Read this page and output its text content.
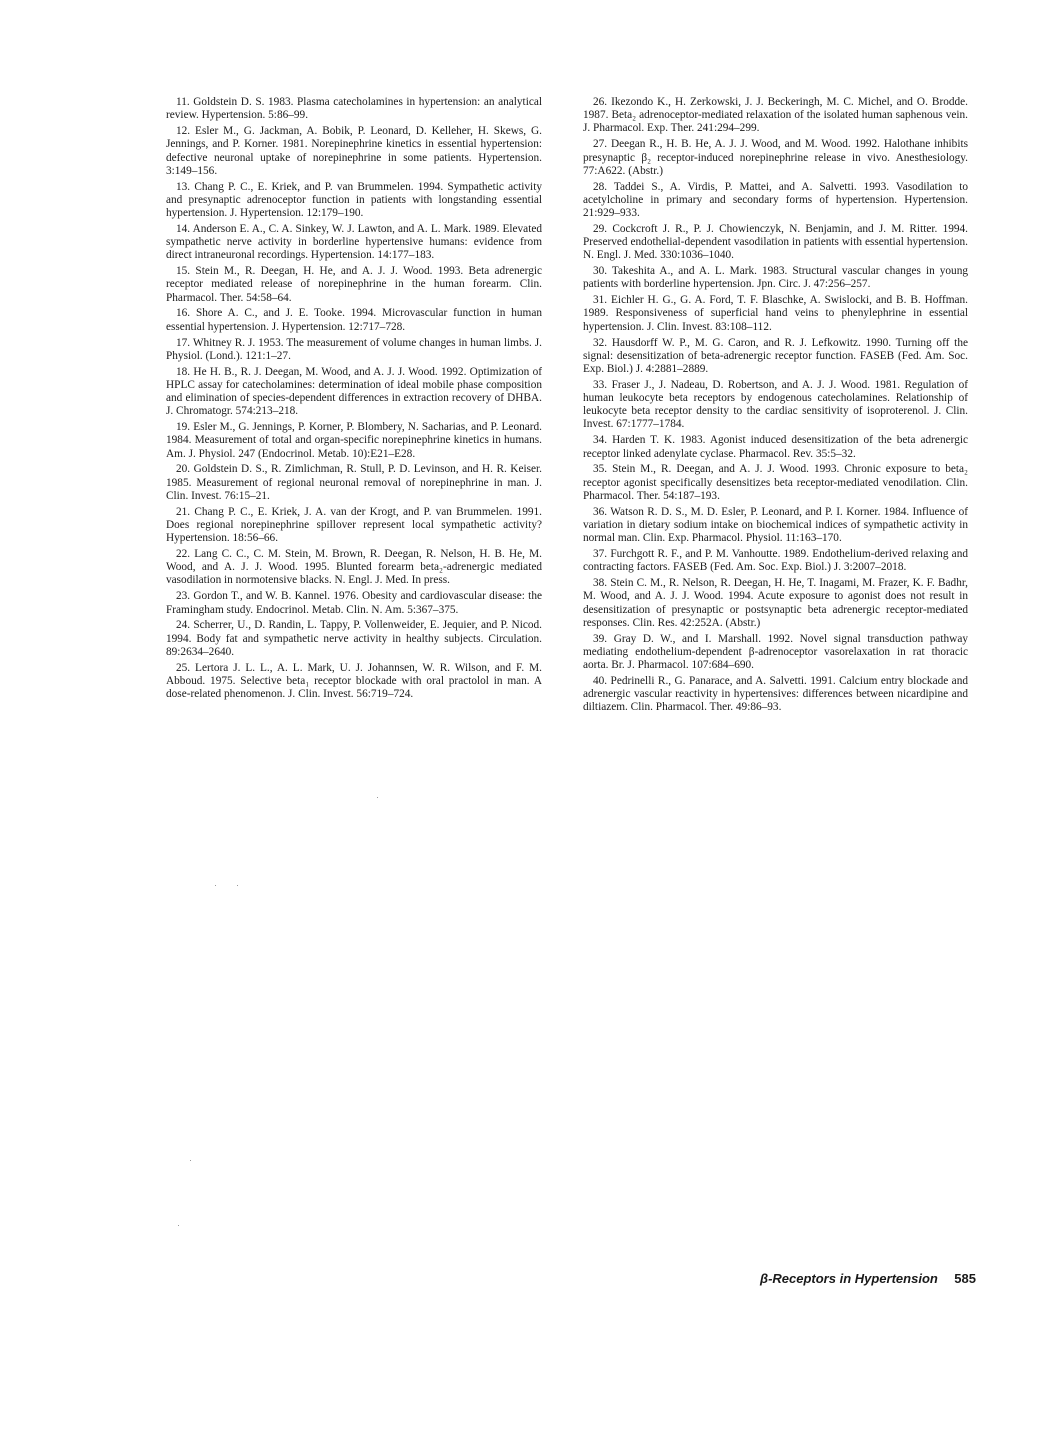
11. Goldstein D. S. 1983. Plasma catecholamines in hypertension: an analytical review. Hypertension. 5:86–99.

12. Esler M., G. Jackman, A. Bobik, P. Leonard, D. Kelleher, H. Skews, G. Jennings, and P. Korner. 1981. Norepinephrine kinetics in essential hypertension: defective neuronal uptake of norepinephrine in some patients. Hypertension. 3:149–156.

13. Chang P. C., E. Kriek, and P. van Brummelen. 1994. Sympathetic activity and presynaptic adrenoceptor function in patients with longstanding essential hypertension. J. Hypertension. 12:179–190.

14. Anderson E. A., C. A. Sinkey, W. J. Lawton, and A. L. Mark. 1989. Elevated sympathetic nerve activity in borderline hypertensive humans: evidence from direct intraneuronal recordings. Hypertension. 14:177–183.

15. Stein M., R. Deegan, H. He, and A. J. J. Wood. 1993. Beta adrenergic receptor mediated release of norepinephrine in the human forearm. Clin. Pharmacol. Ther. 54:58–64.

16. Shore A. C., and J. E. Tooke. 1994. Microvascular function in human essential hypertension. J. Hypertension. 12:717–728.

17. Whitney R. J. 1953. The measurement of volume changes in human limbs. J. Physiol. (Lond.). 121:1–27.

18. He H. B., R. J. Deegan, M. Wood, and A. J. J. Wood. 1992. Optimization of HPLC assay for catecholamines: determination of ideal mobile phase composition and elimination of species-dependent differences in extraction recovery of DHBA. J. Chromatogr. 574:213–218.

19. Esler M., G. Jennings, P. Korner, P. Blombery, N. Sacharias, and P. Leonard. 1984. Measurement of total and organ-specific norepinephrine kinetics in humans. Am. J. Physiol. 247 (Endocrinol. Metab. 10):E21–E28.

20. Goldstein D. S., R. Zimlichman, R. Stull, P. D. Levinson, and H. R. Keiser. 1985. Measurement of regional neuronal removal of norepinephrine in man. J. Clin. Invest. 76:15–21.

21. Chang P. C., E. Kriek, J. A. van der Krogt, and P. van Brummelen. 1991. Does regional norepinephrine spillover represent local sympathetic activity? Hypertension. 18:56–66.

22. Lang C. C., C. M. Stein, M. Brown, R. Deegan, R. Nelson, H. B. He, M. Wood, and A. J. J. Wood. 1995. Blunted forearm beta₂-adrenergic mediated vasodilation in normotensive blacks. N. Engl. J. Med. In press.

23. Gordon T., and W. B. Kannel. 1976. Obesity and cardiovascular disease: the Framingham study. Endocrinol. Metab. Clin. N. Am. 5:367–375.

24. Scherrer, U., D. Randin, L. Tappy, P. Vollenweider, E. Jequier, and P. Nicod. 1994. Body fat and sympathetic nerve activity in healthy subjects. Circulation. 89:2634–2640.

25. Lertora J. L. L., A. L. Mark, U. J. Johannsen, W. R. Wilson, and F. M. Abboud. 1975. Selective beta₁ receptor blockade with oral practolol in man. A dose-related phenomenon. J. Clin. Invest. 56:719–724.

26. Ikezondo K., H. Zerkowski, J. J. Beckeringh, M. C. Michel, and O. Brodde. 1987. Beta₂ adrenoceptor-mediated relaxation of the isolated human saphenous vein. J. Pharmacol. Exp. Ther. 241:294–299.

27. Deegan R., H. B. He, A. J. J. Wood, and M. Wood. 1992. Halothane inhibits presynaptic β₂ receptor-induced norepinephrine release in vivo. Anesthesiology. 77:A622. (Abstr.)

28. Taddei S., A. Virdis, P. Mattei, and A. Salvetti. 1993. Vasodilation to acetylcholine in primary and secondary forms of hypertension. Hypertension. 21:929–933.

29. Cockcroft J. R., P. J. Chowienczyk, N. Benjamin, and J. M. Ritter. 1994. Preserved endothelial-dependent vasodilation in patients with essential hypertension. N. Engl. J. Med. 330:1036–1040.

30. Takeshita A., and A. L. Mark. 1983. Structural vascular changes in young patients with borderline hypertension. Jpn. Circ. J. 47:256–257.

31. Eichler H. G., G. A. Ford, T. F. Blaschke, A. Swislocki, and B. B. Hoffman. 1989. Responsiveness of superficial hand veins to phenylephrine in essential hypertension. J. Clin. Invest. 83:108–112.

32. Hausdorff W. P., M. G. Caron, and R. J. Lefkowitz. 1990. Turning off the signal: desensitization of beta-adrenergic receptor function. FASEB (Fed. Am. Soc. Exp. Biol.) J. 4:2881–2889.

33. Fraser J., J. Nadeau, D. Robertson, and A. J. J. Wood. 1981. Regulation of human leukocyte beta receptors by endogenous catecholamines. Relationship of leukocyte beta receptor density to the cardiac sensitivity of isoproterenol. J. Clin. Invest. 67:1777–1784.

34. Harden T. K. 1983. Agonist induced desensitization of the beta adrenergic receptor linked adenylate cyclase. Pharmacol. Rev. 35:5–32.

35. Stein M., R. Deegan, and A. J. J. Wood. 1993. Chronic exposure to beta₂ receptor agonist specifically desensitizes beta receptor-mediated venodilation. Clin. Pharmacol. Ther. 54:187–193.

36. Watson R. D. S., M. D. Esler, P. Leonard, and P. I. Korner. 1984. Influence of variation in dietary sodium intake on biochemical indices of sympathetic activity in normal man. Clin. Exp. Pharmacol. Physiol. 11:163–170.

37. Furchgott R. F., and P. M. Vanhoutte. 1989. Endothelium-derived relaxing and contracting factors. FASEB (Fed. Am. Soc. Exp. Biol.) J. 3:2007–2018.

38. Stein C. M., R. Nelson, R. Deegan, H. He, T. Inagami, M. Frazer, K. F. Badhr, M. Wood, and A. J. J. Wood. 1994. Acute exposure to agonist does not result in desensitization of presynaptic or postsynaptic beta adrenergic receptor-mediated responses. Clin. Res. 42:252A. (Abstr.)

39. Gray D. W., and I. Marshall. 1992. Novel signal transduction pathway mediating endothelium-dependent β-adrenoceptor vasorelaxation in rat thoracic aorta. Br. J. Pharmacol. 107:684–690.

40. Pedrinelli R., G. Panarace, and A. Salvetti. 1991. Calcium entry blockade and adrenergic vascular reactivity in hypertensives: differences between nicardipine and diltiazem. Clin. Pharmacol. Ther. 49:86–93.

β-Receptors in Hypertension 585
